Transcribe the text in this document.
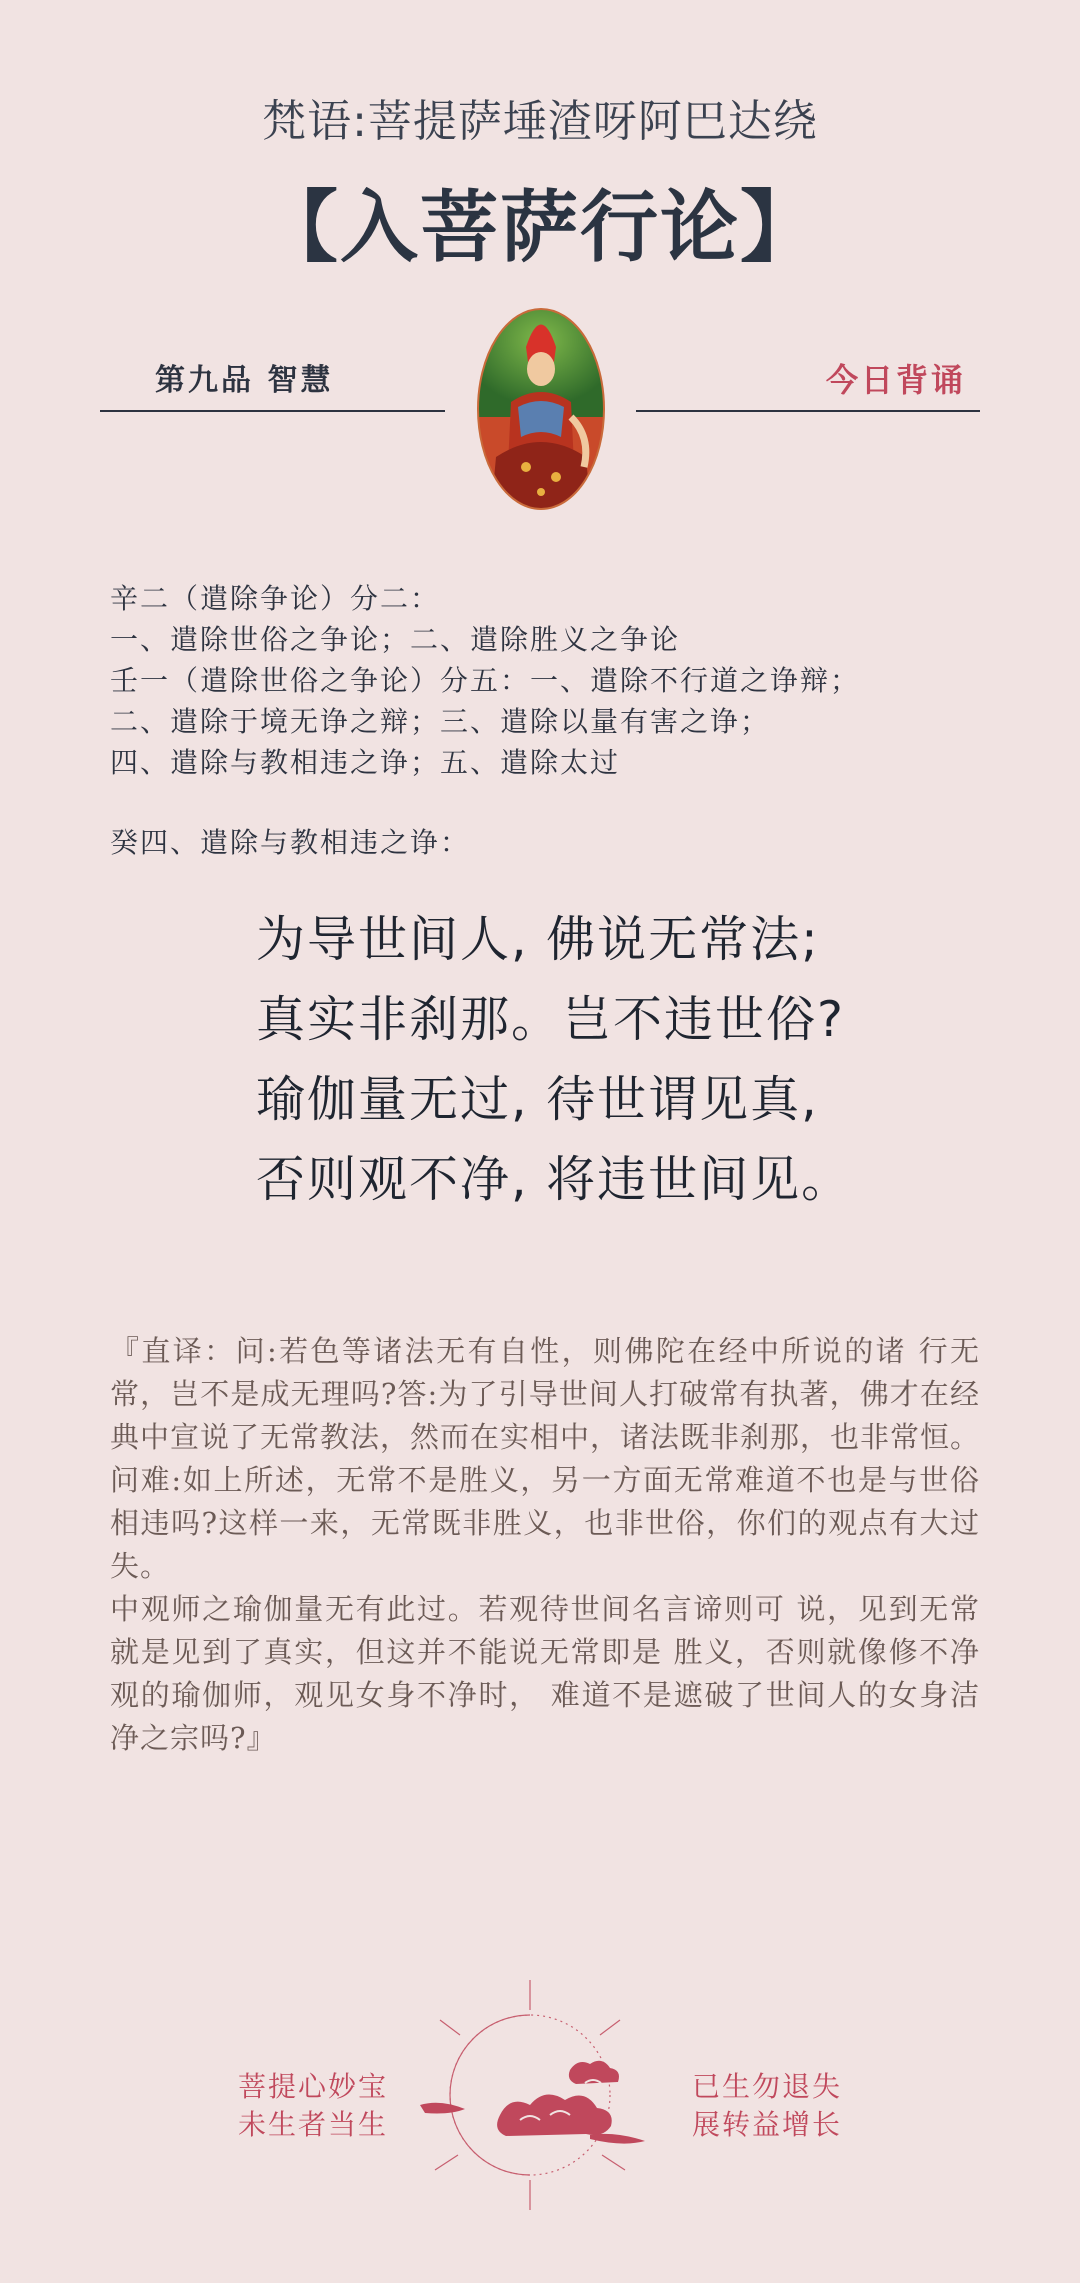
梵语:菩提萨埵渣呀阿巴达绕
【入菩萨行论】
第九品 智慧	今日背诵
辛二（遣除争论）分二：
一、遣除世俗之争论；二、遣除胜义之争论
壬一（遣除世俗之争论）分五：一、遣除不行道之诤辩；
二、遣除于境无诤之辩；三、遣除以量有害之诤；
四、遣除与教相违之诤；五、遣除太过
癸四、遣除与教相违之诤：
为导世间人, 佛说无常法;
真实非刹那。岂不违世俗?
瑜伽量无过, 待世谓见真,
否则观不净, 将违世间见。

『直译：问:若色等诸法无有自性，则佛陀在经中所说的诸 行无常，岂不是成无理吗?答:为了引导世间人打破常有执著，佛才在经典中宣说了无常教法，然而在实相中，诸法既非刹那，也非常恒。问难:如上所述，无常不是胜义，另一方面无常难道不也是与世俗相违吗?这样一来，无常既非胜义，也非世俗，你们的观点有大过失。

中观师之瑜伽量无有此过。若观待世间名言谛则可 说，见到无常就是见到了真实，但这并不能说无常即是 胜义，否则就像修不净观的瑜伽师，观见女身不净时， 难道不是遮破了世间人的女身洁净之宗吗?』

菩提心妙宝
未生者当生
已生勿退失
展转益增长
